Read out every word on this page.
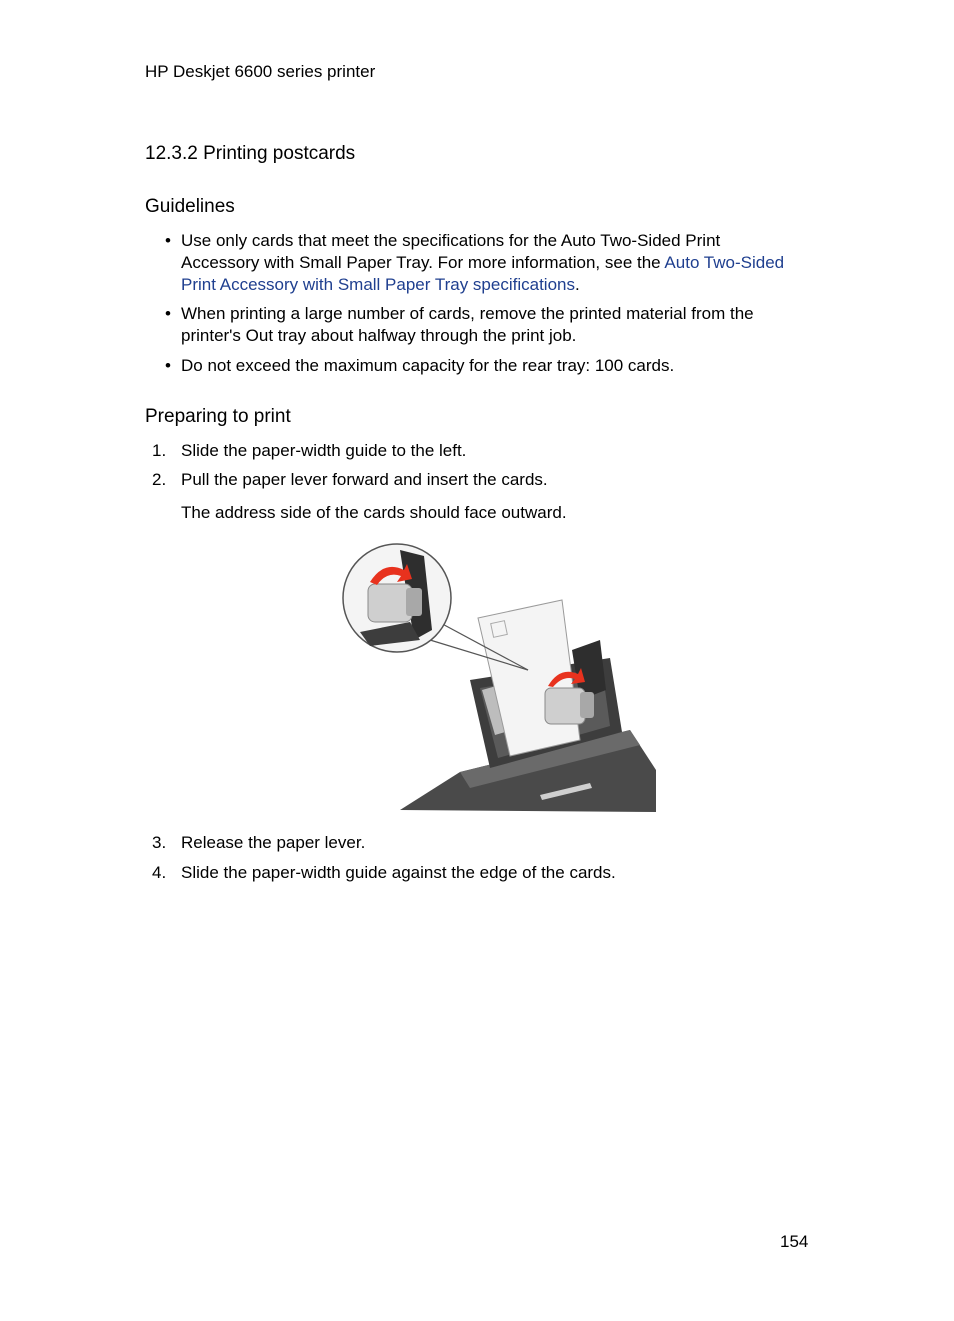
HP Deskjet 6600 series printer
12.3.2 Printing postcards
Guidelines
• Use only cards that meet the specifications for the Auto Two-Sided Print Accessory with Small Paper Tray. For more information, see the Auto Two-Sided Print Accessory with Small Paper Tray specifications.
• When printing a large number of cards, remove the printed material from the printer's Out tray about halfway through the print job.
• Do not exceed the maximum capacity for the rear tray: 100 cards.
Preparing to print
1. Slide the paper-width guide to the left.
2. Pull the paper lever forward and insert the cards.
The address side of the cards should face outward.
3. Release the paper lever.
4. Slide the paper-width guide against the edge of the cards.
154
